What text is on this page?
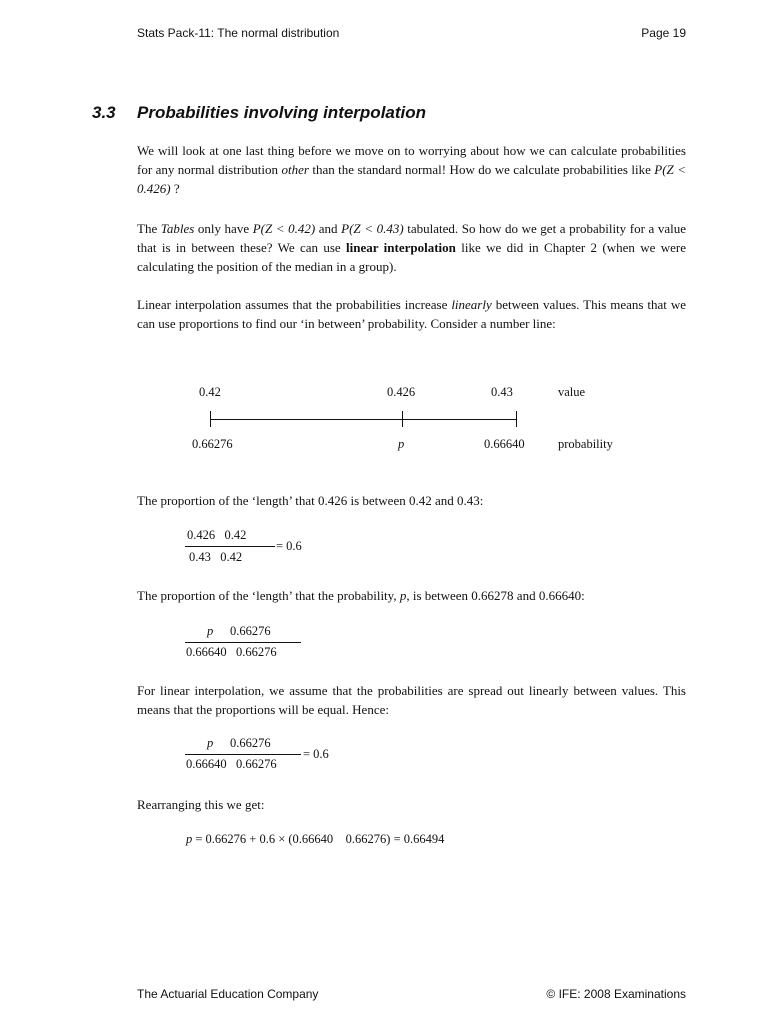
Stats Pack-11: The normal distribution	Page 19
3.3 Probabilities involving interpolation
We will look at one last thing before we move on to worrying about how we can calculate probabilities for any normal distribution other than the standard normal! How do we calculate probabilities like P(Z < 0.426) ?
The Tables only have P(Z < 0.42) and P(Z < 0.43) tabulated. So how do we get a probability for a value that is in between these? We can use linear interpolation like we did in Chapter 2 (when we were calculating the position of the median in a group).
Linear interpolation assumes that the probabilities increase linearly between values. This means that we can use proportions to find our ‘in between’ probability. Consider a number line:
0.42	0.426	0.43	value
0.66276	p	0.66640	probability
The proportion of the ‘length’ that 0.426 is between 0.42 and 0.43:
0.426   0.42
0.43   0.42
= 0.6
The proportion of the ‘length’ that the probability, p, is between 0.66278 and 0.66640:
p 0.66276
0.66640   0.66276
For linear interpolation, we assume that the probabilities are spread out linearly between values. This means that the proportions will be equal. Hence:
p 0.66276
0.66640   0.66276
= 0.6
Rearranging this we get:
p = 0.66276 + 0.6 × (0.66640    0.66276) = 0.66494
The Actuarial Education Company	© IFE: 2008 Examinations
